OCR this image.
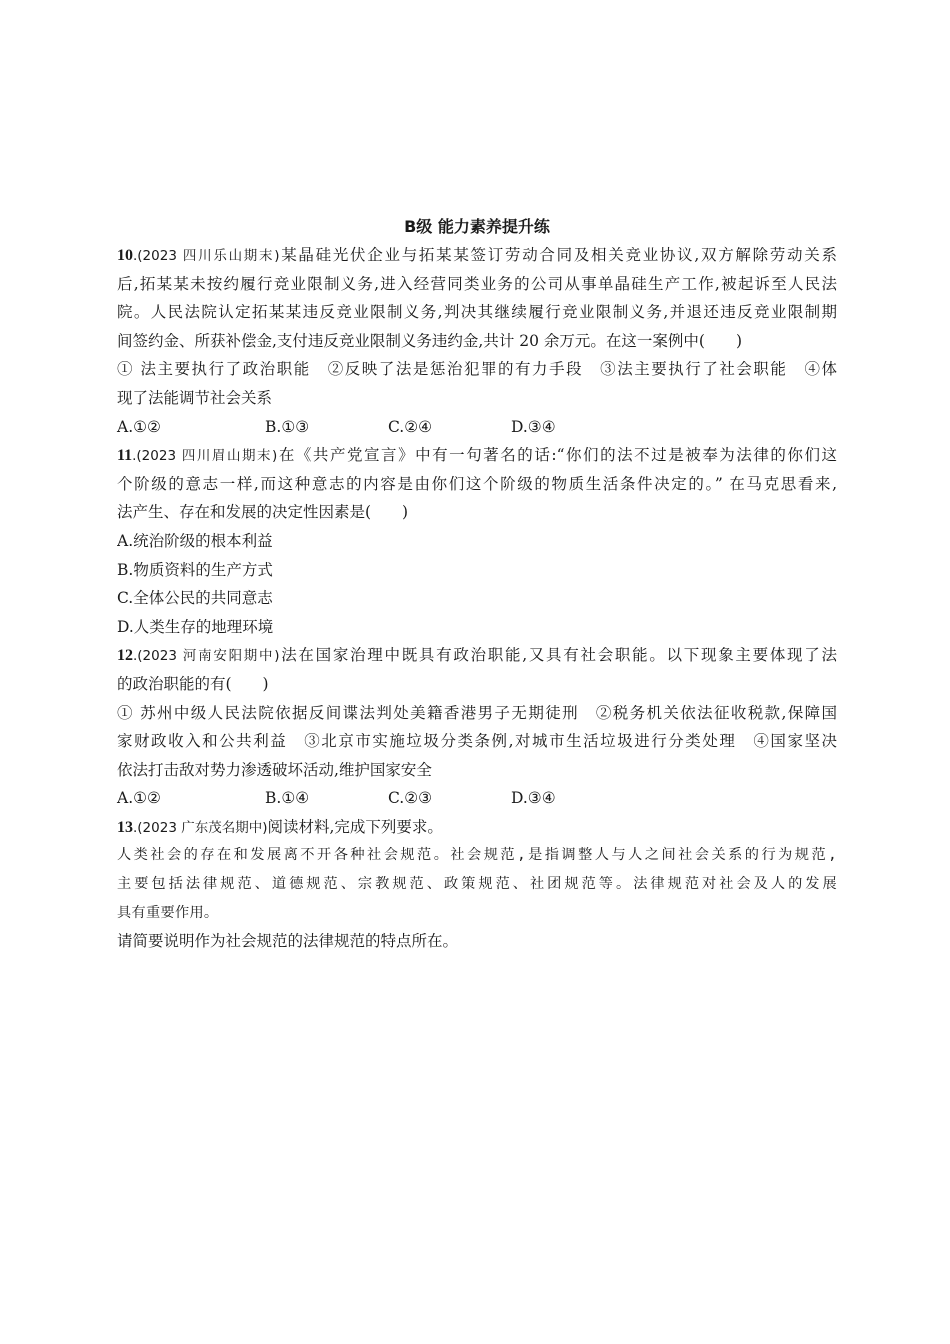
B级 能力素养提升练
10.(2023 四川乐山期末)某晶硅光伏企业与拓某某签订劳动合同及相关竞业协议,双方解除劳动关系
后,拓某某未按约履行竞业限制义务,进入经营同类业务的公司从事单晶硅生产工作,被起诉至人民法
院。人民法院认定拓某某违反竞业限制义务,判决其继续履行竞业限制义务,并退还违反竞业限制期
间签约金、所获补偿金,支付违反竞业限制义务违约金,共计 20 余万元。在这一案例中(　　)
① 法主要执行了政治职能　②反映了法是惩治犯罪的有力手段　③法主要执行了社会职能　④体
现了法能调节社会关系
A.①②	B.①③	C.②④	D.③④
11.(2023 四川眉山期末)在《共产党宣言》中有一句著名的话:“你们的法不过是被奉为法律的你们这
个阶级的意志一样,而这种意志的内容是由你们这个阶级的物质生活条件决定的。” 在马克思看来,
法产生、存在和发展的决定性因素是(　　)
A.统治阶级的根本利益
B.物质资料的生产方式
C.全体公民的共同意志
D.人类生存的地理环境
12.(2023 河南安阳期中)法在国家治理中既具有政治职能,又具有社会职能。以下现象主要体现了法
的政治职能的有(　　)
① 苏州中级人民法院依据反间谍法判处美籍香港男子无期徒刑　②税务机关依法征收税款,保障国
家财政收入和公共利益　③北京市实施垃圾分类条例,对城市生活垃圾进行分类处理　④国家坚决
依法打击敌对势力渗透破坏活动,维护国家安全
A.①②	B.①④	C.②③	D.③④
13.(2023 广东茂名期中)阅读材料,完成下列要求。
人类社会的存在和发展离不开各种社会规范。社会规范,是指调整人与人之间社会关系的行为规范,
主要包括法律规范、道德规范、宗教规范、政策规范、社团规范等。法律规范对社会及人的发展
具有重要作用。
请简要说明作为社会规范的法律规范的特点所在。
